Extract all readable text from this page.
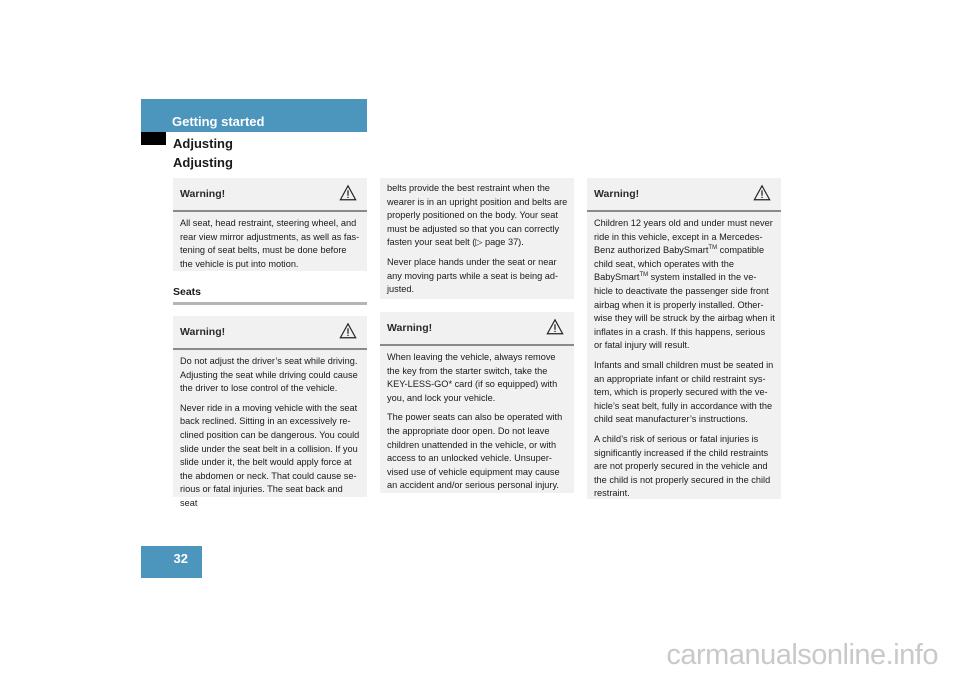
Getting started
Adjusting
Adjusting
Warning!

All seat, head restraint, steering wheel, and rear view mirror adjustments, as well as fas-tening of seat belts, must be done before the vehicle is put into motion.

Seats
Warning!

Do not adjust the driver’s seat while driving. Adjusting the seat while driving could cause the driver to lose control of the vehicle.

Never ride in a moving vehicle with the seat back reclined. Sitting in an excessively re-clined position can be dangerous. You could slide under the seat belt in a collision. If you slide under it, the belt would apply force at the abdomen or neck. That could cause se-rious or fatal injuries. The seat back and seat

belts provide the best restraint when the wearer is in an upright position and belts are properly positioned on the body. Your seat must be adjusted so that you can correctly fasten your seat belt (▷ page 37).

Never place hands under the seat or near any moving parts while a seat is being ad-justed.

Warning!

When leaving the vehicle, always remove the key from the starter switch, take the KEY-LESS-GO* card (if so equipped) with you, and lock your vehicle.

The power seats can also be operated with the appropriate door open. Do not leave children unattended in the vehicle, or with access to an unlocked vehicle. Unsuper-vised use of vehicle equipment may cause an accident and/or serious personal injury.

Warning!

Children 12 years old and under must never ride in this vehicle, except in a Mercedes-Benz authorized BabySmart™ compatible child seat, which operates with the BabySmart™ system installed in the ve-hicle to deactivate the passenger side front airbag when it is properly installed. Other-wise they will be struck by the airbag when it inflates in a crash. If this happens, serious or fatal injury will result.

Infants and small children must be seated in an appropriate infant or child restraint sys-tem, which is properly secured with the ve-hicle’s seat belt, fully in accordance with the child seat manufacturer’s instructions.

A child’s risk of serious or fatal injuries is significantly increased if the child restraints are not properly secured in the vehicle and the child is not properly secured in the child restraint.

32
carmanualsonline.info
